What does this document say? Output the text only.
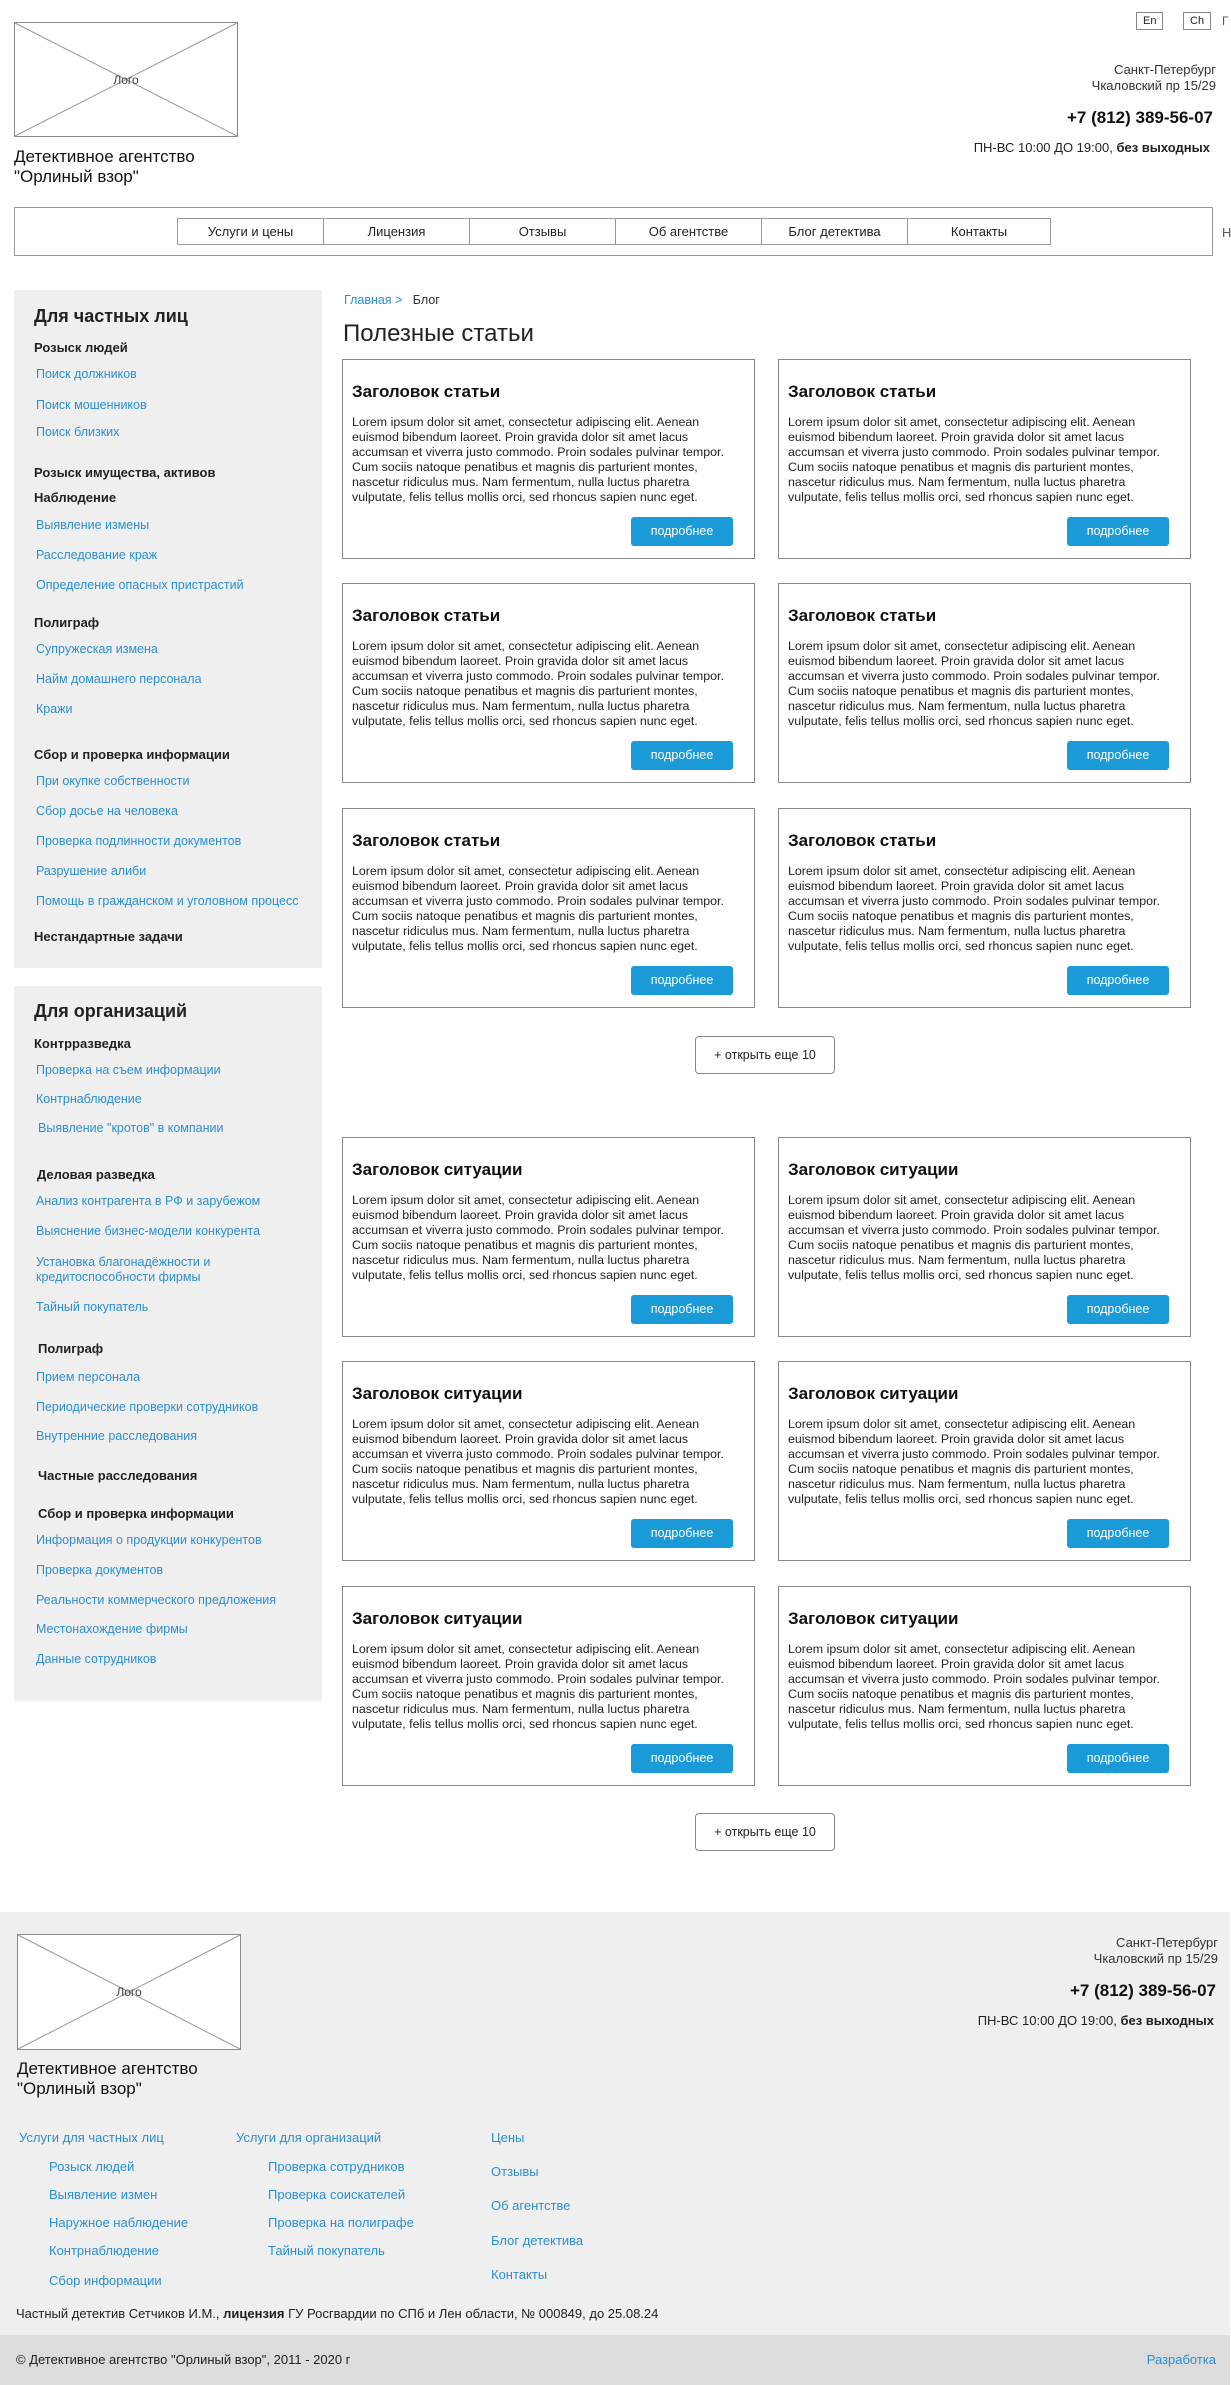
Лого
Детективное агентство
"Орлиный взор"
En	Ch	Г
Санкт-Петербург
Чкаловский пр 15/29
+7 (812) 389-56-07
ПН-ВС 10:00 ДО 19:00, без выходных
Услуги и цены	Лицензия	Отзывы	Об агентстве	Блог детектива	Контакты	Н
Для частных лиц
Розыск людей
Поиск должников
Поиск мошенников
Поиск близких
Розыск имущества, активов
Наблюдение
Выявление измены
Расследование краж
Определение опасных пристрастий
Полиграф
Супружеская измена
Найм домашнего персонала
Кражи
Сбор и проверка информации
При окупке собственности
Сбор досье на человека
Проверка подлинности документов
Разрушение алиби
Помощь в гражданском и уголовном процесс
Нестандартные задачи
Для организаций
Контрразведка
Проверка на съем информации
Контрнаблюдение
Выявление "кротов" в компании
Деловая разведка
Анализ контрагента в РФ и зарубежом
Выяснение бизнес-модели конкурента
Установка благонадёжности и
кредитоспособности фирмы
Тайный покупатель
Полиграф
Прием персонала
Периодические проверки сотрудников
Внутренние расследования
Частные расследования
Сбор и проверка информации
Информация о продукции конкурентов
Проверка документов
Реальности коммерческого предложения
Местонахождение фирмы
Данные сотрудников
Главная > Блог
Полезные статьи
Заголовок статьи

Lorem ipsum dolor sit amet, consectetur adipiscing elit. Aenean euismod bibendum laoreet. Proin gravida dolor sit amet lacus accumsan et viverra justo commodo. Proin sodales pulvinar tempor. Cum sociis natoque penatibus et magnis dis parturient montes, nascetur ridiculus mus. Nam fermentum, nulla luctus pharetra vulputate, felis tellus mollis orci, sed rhoncus sapien nunc eget.

подробнее
Заголовок статьи

Lorem ipsum dolor sit amet, consectetur adipiscing elit. Aenean euismod bibendum laoreet. Proin gravida dolor sit amet lacus accumsan et viverra justo commodo. Proin sodales pulvinar tempor. Cum sociis natoque penatibus et magnis dis parturient montes, nascetur ridiculus mus. Nam fermentum, nulla luctus pharetra vulputate, felis tellus mollis orci, sed rhoncus sapien nunc eget.

подробнее
Заголовок статьи

Lorem ipsum dolor sit amet, consectetur adipiscing elit. Aenean euismod bibendum laoreet. Proin gravida dolor sit amet lacus accumsan et viverra justo commodo. Proin sodales pulvinar tempor. Cum sociis natoque penatibus et magnis dis parturient montes, nascetur ridiculus mus. Nam fermentum, nulla luctus pharetra vulputate, felis tellus mollis orci, sed rhoncus sapien nunc eget.

подробнее
Заголовок статьи

Lorem ipsum dolor sit amet, consectetur adipiscing elit. Aenean euismod bibendum laoreet. Proin gravida dolor sit amet lacus accumsan et viverra justo commodo. Proin sodales pulvinar tempor. Cum sociis natoque penatibus et magnis dis parturient montes, nascetur ridiculus mus. Nam fermentum, nulla luctus pharetra vulputate, felis tellus mollis orci, sed rhoncus sapien nunc eget.

подробнее
Заголовок статьи

Lorem ipsum dolor sit amet, consectetur adipiscing elit. Aenean euismod bibendum laoreet. Proin gravida dolor sit amet lacus accumsan et viverra justo commodo. Proin sodales pulvinar tempor. Cum sociis natoque penatibus et magnis dis parturient montes, nascetur ridiculus mus. Nam fermentum, nulla luctus pharetra vulputate, felis tellus mollis orci, sed rhoncus sapien nunc eget.

подробнее
Заголовок статьи

Lorem ipsum dolor sit amet, consectetur adipiscing elit. Aenean euismod bibendum laoreet. Proin gravida dolor sit amet lacus accumsan et viverra justo commodo. Proin sodales pulvinar tempor. Cum sociis natoque penatibus et magnis dis parturient montes, nascetur ridiculus mus. Nam fermentum, nulla luctus pharetra vulputate, felis tellus mollis orci, sed rhoncus sapien nunc eget.

подробнее
+ открыть еще 10
Заголовок ситуации

Lorem ipsum dolor sit amet, consectetur adipiscing elit. Aenean euismod bibendum laoreet. Proin gravida dolor sit amet lacus accumsan et viverra justo commodo. Proin sodales pulvinar tempor. Cum sociis natoque penatibus et magnis dis parturient montes, nascetur ridiculus mus. Nam fermentum, nulla luctus pharetra vulputate, felis tellus mollis orci, sed rhoncus sapien nunc eget.

подробнее
Заголовок ситуации

Lorem ipsum dolor sit amet, consectetur adipiscing elit. Aenean euismod bibendum laoreet. Proin gravida dolor sit amet lacus accumsan et viverra justo commodo. Proin sodales pulvinar tempor. Cum sociis natoque penatibus et magnis dis parturient montes, nascetur ridiculus mus. Nam fermentum, nulla luctus pharetra vulputate, felis tellus mollis orci, sed rhoncus sapien nunc eget.

подробнее
Заголовок ситуации

Lorem ipsum dolor sit amet, consectetur adipiscing elit. Aenean euismod bibendum laoreet. Proin gravida dolor sit amet lacus accumsan et viverra justo commodo. Proin sodales pulvinar tempor. Cum sociis natoque penatibus et magnis dis parturient montes, nascetur ridiculus mus. Nam fermentum, nulla luctus pharetra vulputate, felis tellus mollis orci, sed rhoncus sapien nunc eget.

подробнее
Заголовок ситуации

Lorem ipsum dolor sit amet, consectetur adipiscing elit. Aenean euismod bibendum laoreet. Proin gravida dolor sit amet lacus accumsan et viverra justo commodo. Proin sodales pulvinar tempor. Cum sociis natoque penatibus et magnis dis parturient montes, nascetur ridiculus mus. Nam fermentum, nulla luctus pharetra vulputate, felis tellus mollis orci, sed rhoncus sapien nunc eget.

подробнее
Заголовок ситуации

Lorem ipsum dolor sit amet, consectetur adipiscing elit. Aenean euismod bibendum laoreet. Proin gravida dolor sit amet lacus accumsan et viverra justo commodo. Proin sodales pulvinar tempor. Cum sociis natoque penatibus et magnis dis parturient montes, nascetur ridiculus mus. Nam fermentum, nulla luctus pharetra vulputate, felis tellus mollis orci, sed rhoncus sapien nunc eget.

подробнее
Заголовок ситуации

Lorem ipsum dolor sit amet, consectetur adipiscing elit. Aenean euismod bibendum laoreet. Proin gravida dolor sit amet lacus accumsan et viverra justo commodo. Proin sodales pulvinar tempor. Cum sociis natoque penatibus et magnis dis parturient montes, nascetur ridiculus mus. Nam fermentum, nulla luctus pharetra vulputate, felis tellus mollis orci, sed rhoncus sapien nunc eget.

подробнее
+ открыть еще 10
Лого
Детективное агентство
"Орлиный взор"
Санкт-Петербург
Чкаловский пр 15/29
+7 (812) 389-56-07
ПН-ВС 10:00 ДО 19:00, без выходных
Услуги для частных лиц
Розыск людей
Выявление измен
Наружное наблюдение
Контрнаблюдение
Сбор информации
Услуги для организаций
Проверка сотрудников
Проверка соискателей
Проверка на полиграфе
Тайный покупатель
Цены
Отзывы
Об агентстве
Блог детектива
Контакты
Частный детектив Сетчиков И.М., лицензия ГУ Росгвардии по СПб и Лен области, № 000849, до 25.08.24
© Детективное агентство "Орлиный взор", 2011 - 2020 г	Разработка
